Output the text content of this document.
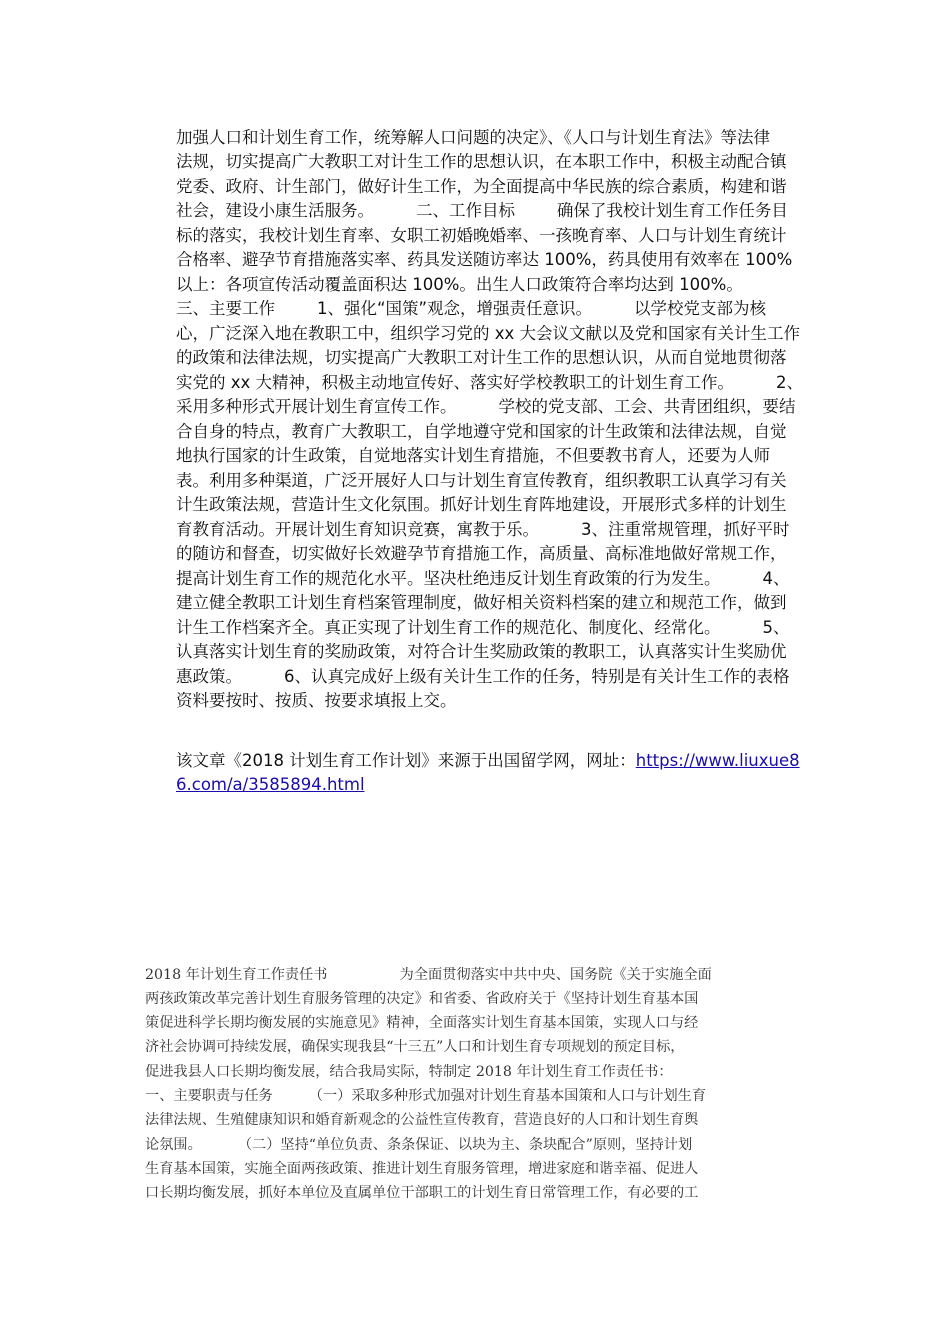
加强人口和计划生育工作，统筹解人口问题的决定》、《人口与计划生育法》等法律
法规，切实提高广大教职工对计生工作的思想认识，在本职工作中，积极主动配合镇
党委、政府、计生部门，做好计生工作，为全面提高中华民族的综合素质，构建和谐
社会，建设小康生活服务。        二、工作目标        确保了我校计划生育工作任务目
标的落实，我校计划生育率、女职工初婚晚婚率、一孩晚育率、人口与计划生育统计
合格率、避孕节育措施落实率、药具发送随访率达 100%，药具使用有效率在 100%
以上：各项宣传活动覆盖面积达 100%。出生人口政策符合率均达到 100%。
三、主要工作        1、强化“国策”观念，增强责任意识。        以学校党支部为核
心，广泛深入地在教职工中，组织学习党的 xx 大会议文献以及党和国家有关计生工作
的政策和法律法规，切实提高广大教职工对计生工作的思想认识，从而自觉地贯彻落
实党的 xx 大精神，积极主动地宣传好、落实好学校教职工的计划生育工作。        2、
采用多种形式开展计划生育宣传工作。        学校的党支部、工会、共青团组织，要结
合自身的特点，教育广大教职工，自学地遵守党和国家的计生政策和法律法规，自觉
地执行国家的计生政策，自觉地落实计划生育措施，不但要教书育人，还要为人师
表。利用多种渠道，广泛开展好人口与计划生育宣传教育，组织教职工认真学习有关
计生政策法规，营造计生文化氛围。抓好计划生育阵地建设，开展形式多样的计划生
育教育活动。开展计划生育知识竞赛，寓教于乐。        3、注重常规管理，抓好平时
的随访和督查，切实做好长效避孕节育措施工作，高质量、高标准地做好常规工作，
提高计划生育工作的规范化水平。坚决杜绝违反计划生育政策的行为发生。        4、
建立健全教职工计划生育档案管理制度，做好相关资料档案的建立和规范工作，做到
计生工作档案齐全。真正实现了计划生育工作的规范化、制度化、经常化。        5、
认真落实计划生育的奖励政策，对符合计生奖励政策的教职工，认真落实计生奖励优
惠政策。        6、认真完成好上级有关计生工作的任务，特别是有关计生工作的表格
资料要按时、按质、按要求填报上交。
该文章《2018 计划生育工作计划》来源于出国留学网，网址：https://www.liuxue8
6.com/a/3585894.html
2018 年计划生育工作责任书                为全面贯彻落实中共中央、国务院《关于实施全面
两孩政策改革完善计划生育服务管理的决定》和省委、省政府关于《坚持计划生育基本国
策促进科学长期均衡发展的实施意见》精神，全面落实计划生育基本国策，实现人口与经
济社会协调可持续发展，确保实现我县“十三五”人口和计划生育专项规划的预定目标，
促进我县人口长期均衡发展，结合我局实际，特制定 2018 年计划生育工作责任书：
一、主要职责与任务        （一）采取多种形式加强对计划生育基本国策和人口与计划生育
法律法规、生殖健康知识和婚育新观念的公益性宣传教育，营造良好的人口和计划生育舆
论氛围。        （二）坚持“单位负责、条条保证、以块为主、条块配合”原则，坚持计划
生育基本国策，实施全面两孩政策、推进计划生育服务管理，增进家庭和谐幸福、促进人
口长期均衡发展，抓好本单位及直属单位干部职工的计划生育日常管理工作，有必要的工
